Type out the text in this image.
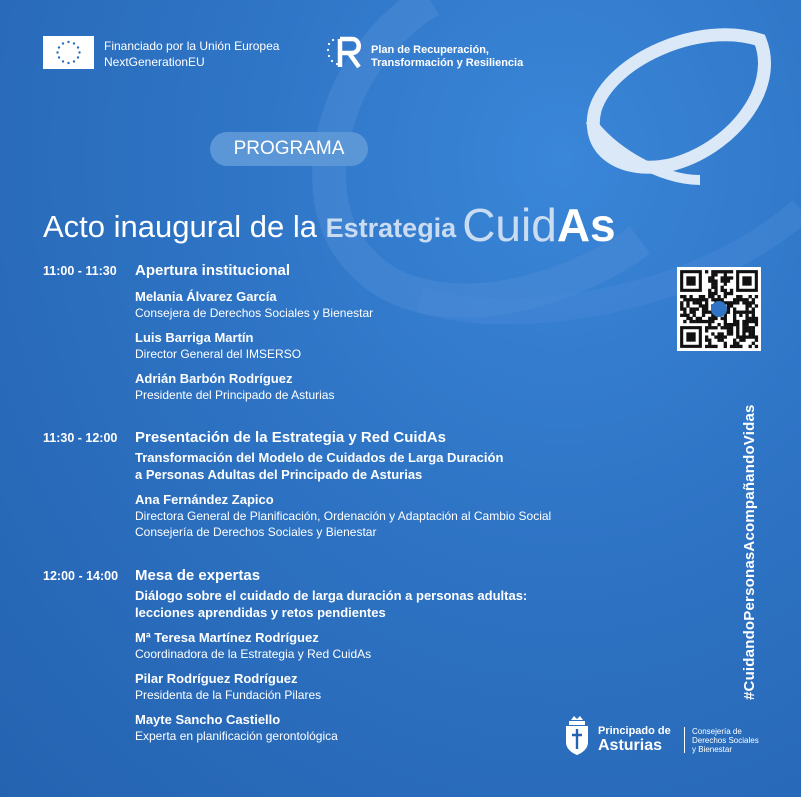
Financiado por la Unión Europea
NextGenerationEU
Plan de Recuperación,
Transformación y Resiliencia
PROGRAMA
Acto inaugural de la Estrategia CuidAs
#CuidandoPersonasAcompañandoVidas
11:00 - 11:30 Apertura institucional
Melania Álvarez García
Consejera de Derechos Sociales y Bienestar
Luis Barriga Martín
Director General del IMSERSO
Adrián Barbón Rodríguez
Presidente del Principado de Asturias
11:30 - 12:00 Presentación de la Estrategia y Red CuidAs
Transformación del Modelo de Cuidados de Larga Duración
a Personas Adultas del Principado de Asturias
Ana Fernández Zapico
Directora General de Planificación, Ordenación y Adaptación al Cambio Social
Consejería de Derechos Sociales y Bienestar
12:00 - 14:00 Mesa de expertas
Diálogo sobre el cuidado de larga duración a personas adultas:
lecciones aprendidas y retos pendientes
Mª Teresa Martínez Rodríguez
Coordinadora de la Estrategia y Red CuidAs
Pilar Rodríguez Rodríguez
Presidenta de la Fundación Pilares
Mayte Sancho Castiello
Experta en planificación gerontológica	Principado de
Asturias
Consejería de
Derechos Sociales
y Bienestar
